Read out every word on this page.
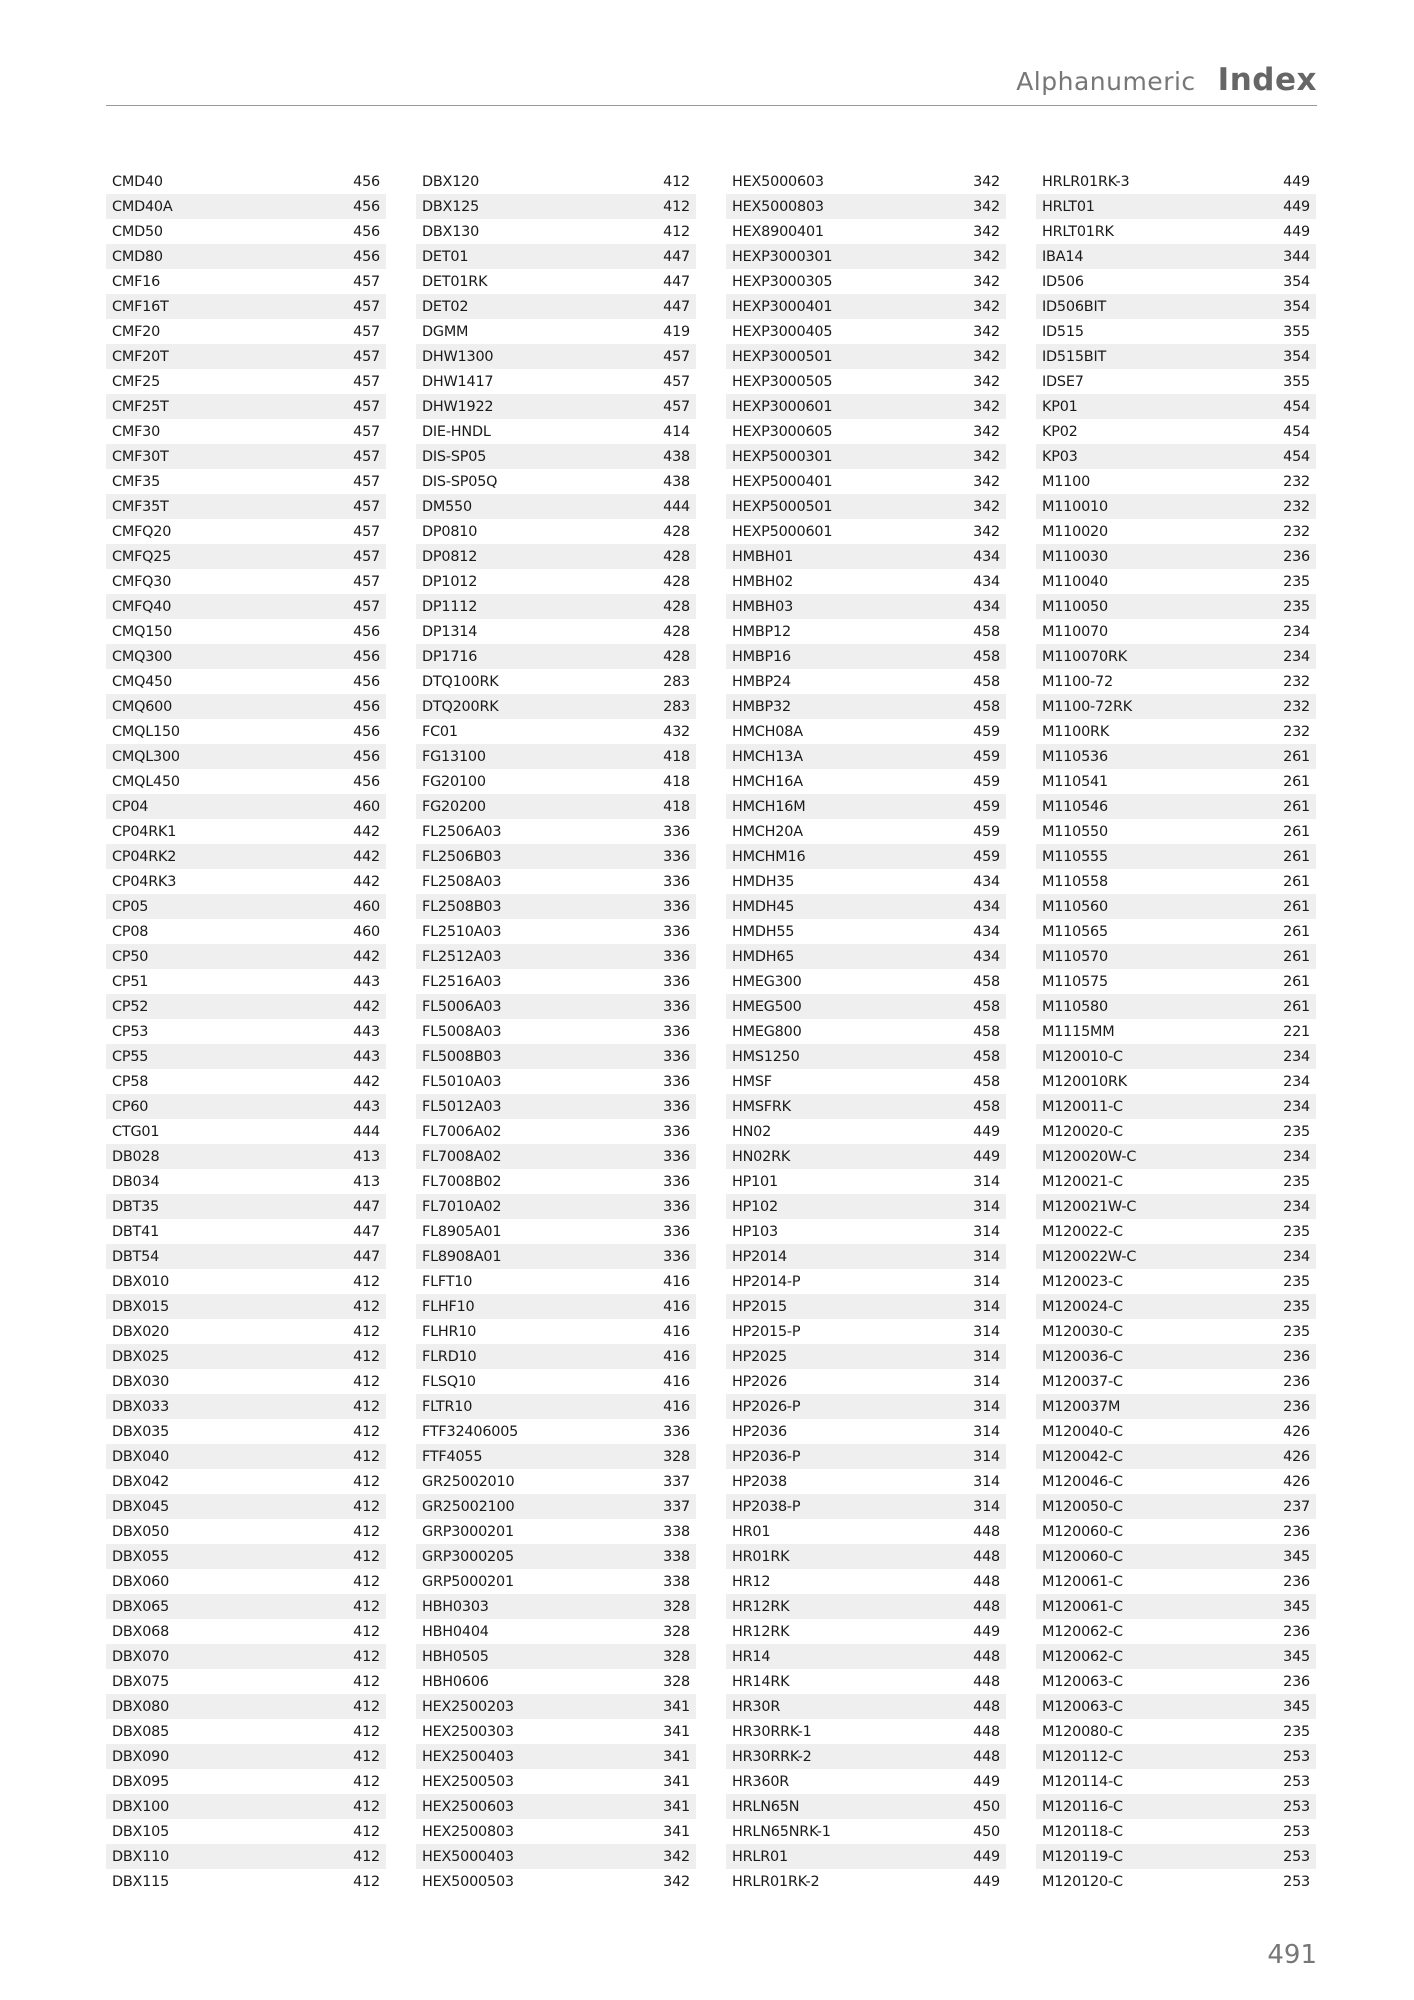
Alphanumeric Index
CMD40	456
CMD40A	456
CMD50	456
CMD80	456
CMF16	457
CMF16T	457
CMF20	457
CMF20T	457
CMF25	457
CMF25T	457
CMF30	457
CMF30T	457
CMF35	457
CMF35T	457
CMFQ20	457
CMFQ25	457
CMFQ30	457
CMFQ40	457
CMQ150	456
CMQ300	456
CMQ450	456
CMQ600	456
CMQL150	456
CMQL300	456
CMQL450	456
CP04	460
CP04RK1	442
CP04RK2	442
CP04RK3	442
CP05	460
CP08	460
CP50	442
CP51	443
CP52	442
CP53	443
CP55	443
CP58	442
CP60	443
CTG01	444
DB028	413
DB034	413
DBT35	447
DBT41	447
DBT54	447
DBX010	412
DBX015	412
DBX020	412
DBX025	412
DBX030	412
DBX033	412
DBX035	412
DBX040	412
DBX042	412
DBX045	412
DBX050	412
DBX055	412
DBX060	412
DBX065	412
DBX068	412
DBX070	412
DBX075	412
DBX080	412
DBX085	412
DBX090	412
DBX095	412
DBX100	412
DBX105	412
DBX110	412
DBX115	412
DBX120	412
DBX125	412
DBX130	412
DET01	447
DET01RK	447
DET02	447
DGMM	419
DHW1300	457
DHW1417	457
DHW1922	457
DIE-HNDL	414
DIS-SP05	438
DIS-SP05Q	438
DM550	444
DP0810	428
DP0812	428
DP1012	428
DP1112	428
DP1314	428
DP1716	428
DTQ100RK	283
DTQ200RK	283
FC01	432
FG13100	418
FG20100	418
FG20200	418
FL2506A03	336
FL2506B03	336
FL2508A03	336
FL2508B03	336
FL2510A03	336
FL2512A03	336
FL2516A03	336
FL5006A03	336
FL5008A03	336
FL5008B03	336
FL5010A03	336
FL5012A03	336
FL7006A02	336
FL7008A02	336
FL7008B02	336
FL7010A02	336
FL8905A01	336
FL8908A01	336
FLFT10	416
FLHF10	416
FLHR10	416
FLRD10	416
FLSQ10	416
FLTR10	416
FTF32406005	336
FTF4055	328
GR25002010	337
GR25002100	337
GRP3000201	338
GRP3000205	338
GRP5000201	338
HBH0303	328
HBH0404	328
HBH0505	328
HBH0606	328
HEX2500203	341
HEX2500303	341
HEX2500403	341
HEX2500503	341
HEX2500603	341
HEX2500803	341
HEX5000403	342
HEX5000503	342
HEX5000603	342
HEX5000803	342
HEX8900401	342
HEXP3000301	342
HEXP3000305	342
HEXP3000401	342
HEXP3000405	342
HEXP3000501	342
HEXP3000505	342
HEXP3000601	342
HEXP3000605	342
HEXP5000301	342
HEXP5000401	342
HEXP5000501	342
HEXP5000601	342
HMBH01	434
HMBH02	434
HMBH03	434
HMBP12	458
HMBP16	458
HMBP24	458
HMBP32	458
HMCH08A	459
HMCH13A	459
HMCH16A	459
HMCH16M	459
HMCH20A	459
HMCHM16	459
HMDH35	434
HMDH45	434
HMDH55	434
HMDH65	434
HMEG300	458
HMEG500	458
HMEG800	458
HMS1250	458
HMSF	458
HMSFRK	458
HN02	449
HN02RK	449
HP101	314
HP102	314
HP103	314
HP2014	314
HP2014-P	314
HP2015	314
HP2015-P	314
HP2025	314
HP2026	314
HP2026-P	314
HP2036	314
HP2036-P	314
HP2038	314
HP2038-P	314
HR01	448
HR01RK	448
HR12	448
HR12RK	448
HR12RK	449
HR14	448
HR14RK	448
HR30R	448
HR30RRK-1	448
HR30RRK-2	448
HR360R	449
HRLN65N	450
HRLN65NRK-1	450
HRLR01	449
HRLR01RK-2	449
HRLR01RK-3	449
HRLT01	449
HRLT01RK	449
IBA14	344
ID506	354
ID506BIT	354
ID515	355
ID515BIT	354
IDSE7	355
KP01	454
KP02	454
KP03	454
M1100	232
M110010	232
M110020	232
M110030	236
M110040	235
M110050	235
M110070	234
M110070RK	234
M1100-72	232
M1100-72RK	232
M1100RK	232
M110536	261
M110541	261
M110546	261
M110550	261
M110555	261
M110558	261
M110560	261
M110565	261
M110570	261
M110575	261
M110580	261
M1115MM	221
M120010-C	234
M120010RK	234
M120011-C	234
M120020-C	235
M120020W-C	234
M120021-C	235
M120021W-C	234
M120022-C	235
M120022W-C	234
M120023-C	235
M120024-C	235
M120030-C	235
M120036-C	236
M120037-C	236
M120037M	236
M120040-C	426
M120042-C	426
M120046-C	426
M120050-C	237
M120060-C	236
M120060-C	345
M120061-C	236
M120061-C	345
M120062-C	236
M120062-C	345
M120063-C	236
M120063-C	345
M120080-C	235
M120112-C	253
M120114-C	253
M120116-C	253
M120118-C	253
M120119-C	253
M120120-C	253
491
